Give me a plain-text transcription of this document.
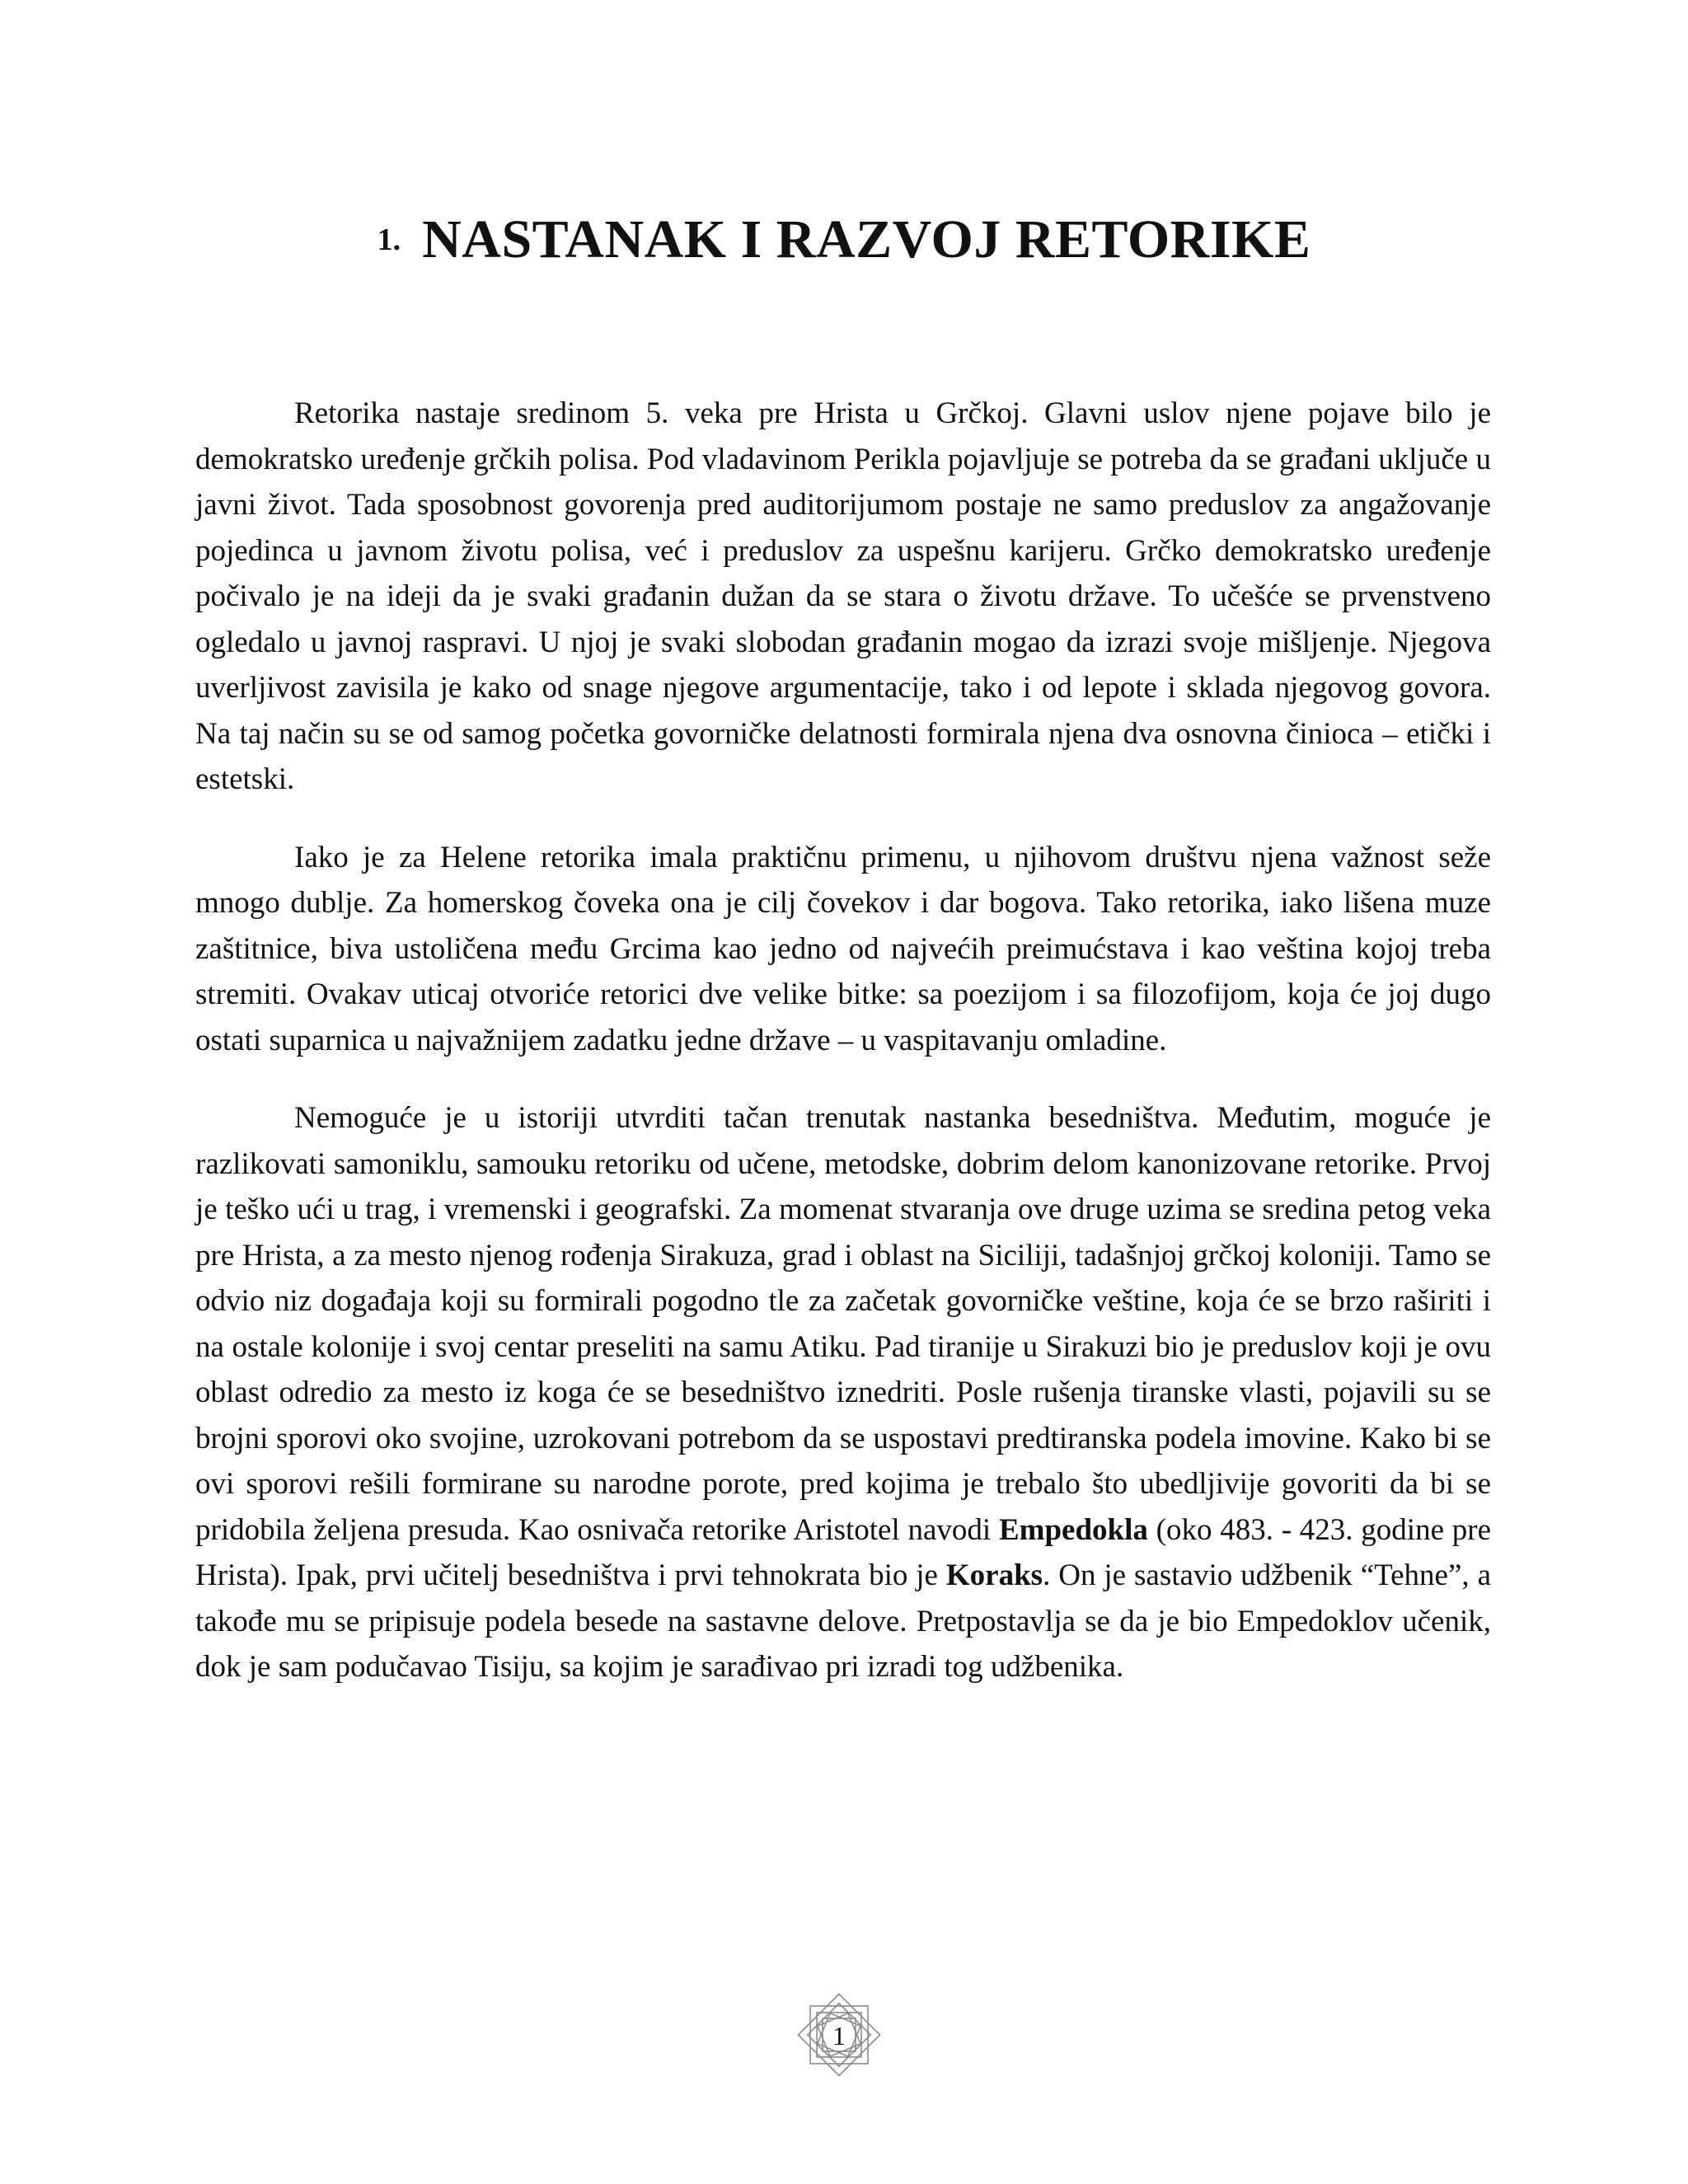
1. NASTANAK I RAZVOJ RETORIKE

Retorika nastaje sredinom 5. veka pre Hrista u Grčkoj. Glavni uslov njene pojave bilo je demokratsko uređenje grčkih polisa. Pod vladavinom Perikla pojavljuje se potreba da se građani uključe u javni život. Tada sposobnost govorenja pred auditorijumom postaje ne samo preduslov za angažovanje pojedinca u javnom životu polisa, već i preduslov za uspešnu karijeru. Grčko demokratsko uređenje počivalo je na ideji da je svaki građanin dužan da se stara o životu države. To učešće se prvenstveno ogledalo u javnoj raspravi. U njoj je svaki slobodan građanin mogao da izrazi svoje mišljenje. Njegova uverljivost zavisila je kako od snage njegove argumentacije, tako i od lepote i sklada njegovog govora. Na taj način su se od samog početka govorničke delatnosti formirala njena dva osnovna činioca – etički i estetski.

Iako je za Helene retorika imala praktičnu primenu, u njihovom društvu njena važnost seže mnogo dublje. Za homerskog čoveka ona je cilj čovekov i dar bogova. Tako retorika, iako lišena muze zaštitnice, biva ustoličena među Grcima kao jedno od najvećih preimućstava i kao veština kojoj treba stremiti. Ovakav uticaj otvoriće retorici dve velike bitke: sa poezijom i sa filozofijom, koja će joj dugo ostati suparnica u najvažnijem zadatku jedne države – u vaspitavanju omladine.

Nemoguće je u istoriji utvrditi tačan trenutak nastanka besedništva. Međutim, moguće je razlikovati samoniklu, samouku retoriku od učene, metodske, dobrim delom kanonizovane retorike. Prvoj je teško ući u trag, i vremenski i geografski. Za momenat stvaranja ove druge uzima se sredina petog veka pre Hrista, a za mesto njenog rođenja Sirakuza, grad i oblast na Siciliji, tadašnjoj grčkoj koloniji. Tamo se odvio niz događaja koji su formirali pogodno tle za začetak govorničke veštine, koja će se brzo raširiti i na ostale kolonije i svoj centar preseliti na samu Atiku. Pad tiranije u Sirakuzi bio je preduslov koji je ovu oblast odredio za mesto iz koga će se besedništvo iznedriti. Posle rušenja tiranske vlasti, pojavili su se brojni sporovi oko svojine, uzrokovani potrebom da se uspostavi predtiranska podela imovine. Kako bi se ovi sporovi rešili formirane su narodne porote, pred kojima je trebalo što ubedljivije govoriti da bi se pridobila željena presuda. Kao osnivača retorike Aristotel navodi Empedokla (oko 483. - 423. godine pre Hrista). Ipak, prvi učitelj besedništva i prvi tehnokrata bio je Koraks. On je sastavio udžbenik “Tehne”, a takođe mu se pripisuje podela besede na sastavne delove. Pretpostavlja se da je bio Empedoklov učenik, dok je sam podučavao Tisiju, sa kojim je sarađivao pri izradi tog udžbenika.

1
